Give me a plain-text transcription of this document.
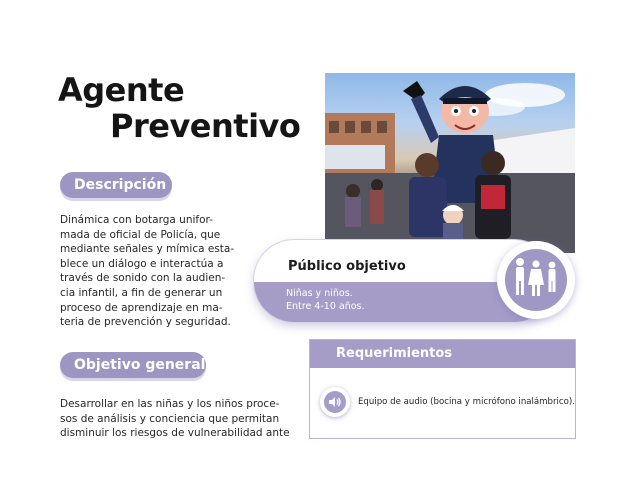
Agente
Preventivo
Descripción
Dinámica con botarga unifor-
mada de oficial de Policía, que
mediante señales y mímica esta-
blece un diálogo e interactúa a
través de sonido con la audien-
cia infantil, a fin de generar un
proceso de aprendizaje en ma-
teria de prevención y seguridad.
Objetivo general
Desarrollar en las niñas y los niños proce-
sos de análisis y conciencia que permitan
disminuir los riesgos de vulnerabilidad ante
Público objetivo
Niñas y niños.
Entre 4-10 años.
Requerimientos
Equipo de audio (bocina y micrófono inalámbrico).
